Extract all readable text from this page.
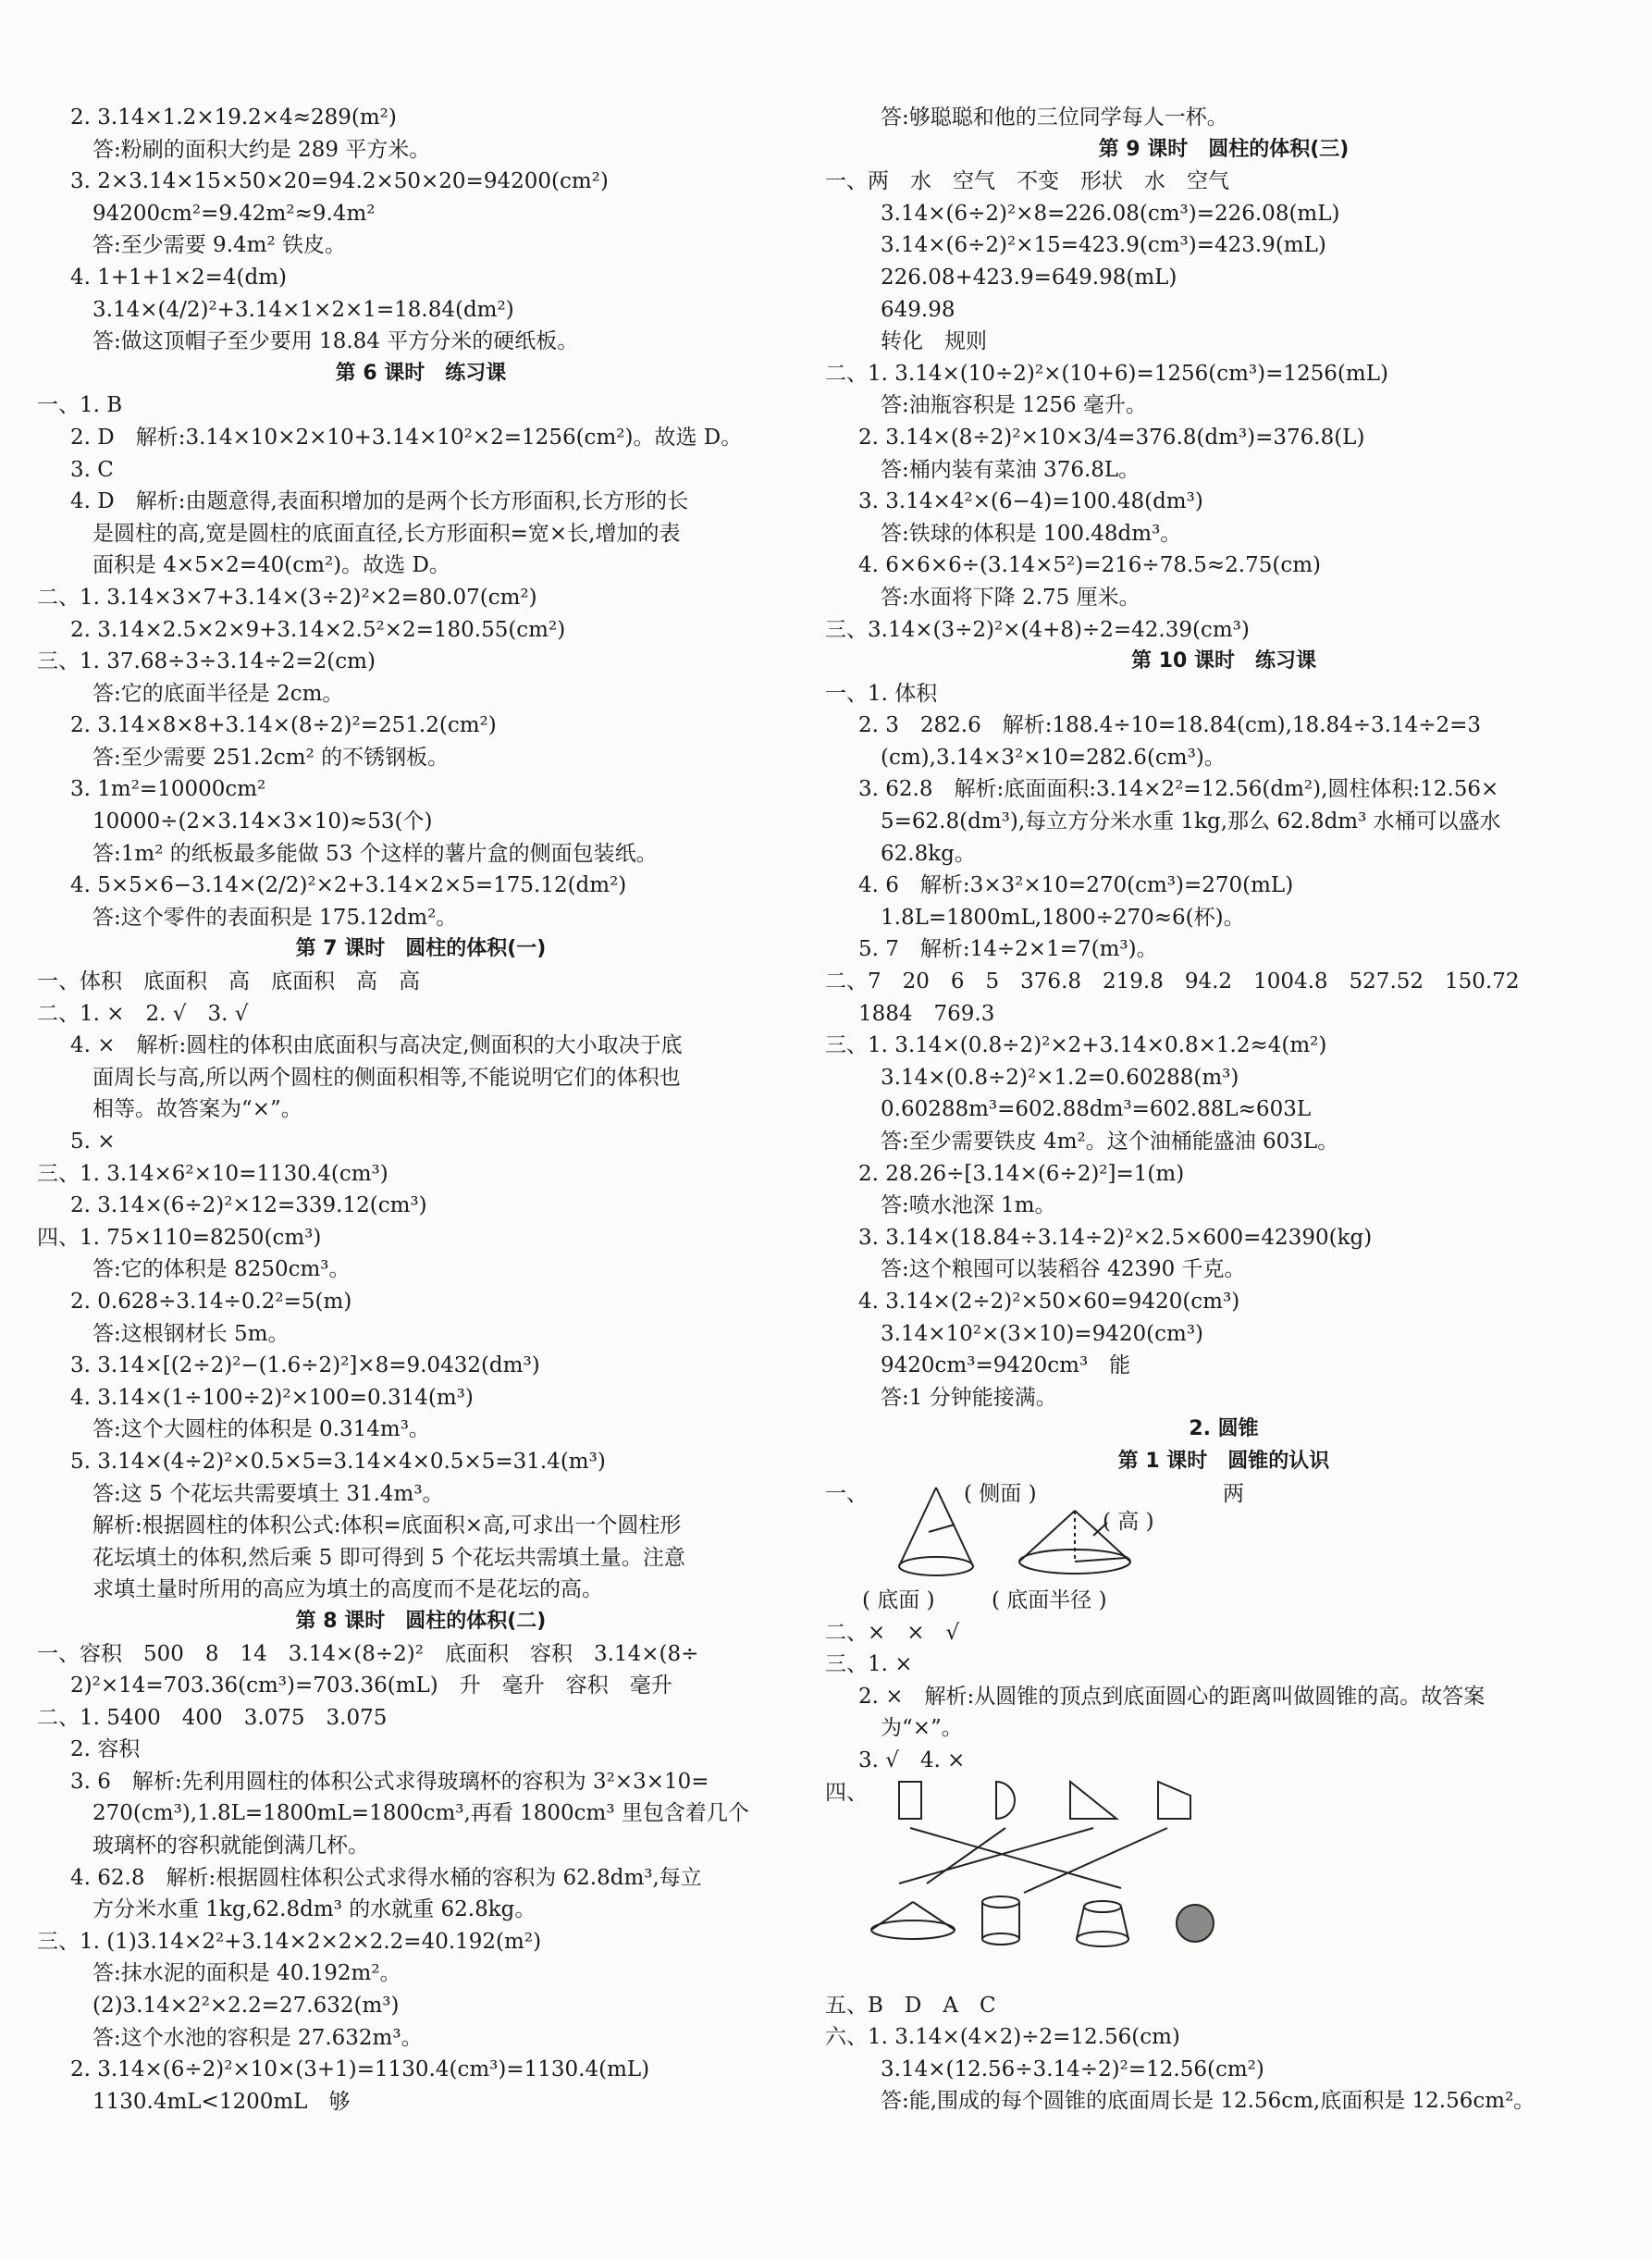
2. 3.14×1.2×19.2×4≈289(m²)
答:粉刷的面积大约是 289 平方米。
3. 2×3.14×15×50×20=94.2×50×20=94200(cm²)
94200cm²=9.42m²≈9.4m²
答:至少需要 9.4m² 铁皮。
4. 1+1+1×2=4(dm)
3.14×(4/2)²+3.14×1×2×1=18.84(dm²)
答:做这顶帽子至少要用 18.84 平方分米的硬纸板。
第 6 课时　练习课
一、1. B
2. D　解析:3.14×10×2×10+3.14×10²×2=1256(cm²)。故选 D。
3. C
4. D　解析:由题意得,表面积增加的是两个长方形面积,长方形的长
是圆柱的高,宽是圆柱的底面直径,长方形面积=宽×长,增加的表
面积是 4×5×2=40(cm²)。故选 D。
二、1. 3.14×3×7+3.14×(3÷2)²×2=80.07(cm²)
2. 3.14×2.5×2×9+3.14×2.5²×2=180.55(cm²)
三、1. 37.68÷3÷3.14÷2=2(cm)
答:它的底面半径是 2cm。
2. 3.14×8×8+3.14×(8÷2)²=251.2(cm²)
答:至少需要 251.2cm² 的不锈钢板。
3. 1m²=10000cm²
10000÷(2×3.14×3×10)≈53(个)
答:1m² 的纸板最多能做 53 个这样的薯片盒的侧面包装纸。
4. 5×5×6−3.14×(2/2)²×2+3.14×2×5=175.12(dm²)
答:这个零件的表面积是 175.12dm²。
第 7 课时　圆柱的体积(一)
一、体积　底面积　高　底面积　高　高
二、1. ×　2. √　3. √
4. ×　解析:圆柱的体积由底面积与高决定,侧面积的大小取决于底
面周长与高,所以两个圆柱的侧面积相等,不能说明它们的体积也
相等。故答案为“×”。
5. ×
三、1. 3.14×6²×10=1130.4(cm³)
2. 3.14×(6÷2)²×12=339.12(cm³)
四、1. 75×110=8250(cm³)
答:它的体积是 8250cm³。
2. 0.628÷3.14÷0.2²=5(m)
答:这根钢材长 5m。
3. 3.14×[(2÷2)²−(1.6÷2)²]×8=9.0432(dm³)
4. 3.14×(1÷100÷2)²×100=0.314(m³)
答:这个大圆柱的体积是 0.314m³。
5. 3.14×(4÷2)²×0.5×5=3.14×4×0.5×5=31.4(m³)
答:这 5 个花坛共需要填土 31.4m³。
解析:根据圆柱的体积公式:体积=底面积×高,可求出一个圆柱形
花坛填土的体积,然后乘 5 即可得到 5 个花坛共需填土量。注意
求填土量时所用的高应为填土的高度而不是花坛的高。
第 8 课时　圆柱的体积(二)
一、容积　500　8　14　3.14×(8÷2)²　底面积　容积　3.14×(8÷
2)²×14=703.36(cm³)=703.36(mL)　升　毫升　容积　毫升
二、1. 5400　400　3.075　3.075
2. 容积
3. 6　解析:先利用圆柱的体积公式求得玻璃杯的容积为 3²×3×10=
270(cm³),1.8L=1800mL=1800cm³,再看 1800cm³ 里包含着几个
玻璃杯的容积就能倒满几杯。
4. 62.8　解析:根据圆柱体积公式求得水桶的容积为 62.8dm³,每立
方分米水重 1kg,62.8dm³ 的水就重 62.8kg。
三、1. (1)3.14×2²+3.14×2×2×2.2=40.192(m²)
答:抹水泥的面积是 40.192m²。
(2)3.14×2²×2.2=27.632(m³)
答:这个水池的容积是 27.632m³。
2. 3.14×(6÷2)²×10×(3+1)=1130.4(cm³)=1130.4(mL)
1130.4mL<1200mL　够
答:够聪聪和他的三位同学每人一杯。
第 9 课时　圆柱的体积(三)
一、两　水　空气　不变　形状　水　空气
3.14×(6÷2)²×8=226.08(cm³)=226.08(mL)
3.14×(6÷2)²×15=423.9(cm³)=423.9(mL)
226.08+423.9=649.98(mL)
649.98
转化　规则
二、1. 3.14×(10÷2)²×(10+6)=1256(cm³)=1256(mL)
答:油瓶容积是 1256 毫升。
2. 3.14×(8÷2)²×10×3/4=376.8(dm³)=376.8(L)
答:桶内装有菜油 376.8L。
3. 3.14×4²×(6−4)=100.48(dm³)
答:铁球的体积是 100.48dm³。
4. 6×6×6÷(3.14×5²)=216÷78.5≈2.75(cm)
答:水面将下降 2.75 厘米。
三、3.14×(3÷2)²×(4+8)÷2=42.39(cm³)
第 10 课时　练习课
一、1. 体积
2. 3　282.6　解析:188.4÷10=18.84(cm),18.84÷3.14÷2=3
(cm),3.14×3²×10=282.6(cm³)。
3. 62.8　解析:底面面积:3.14×2²=12.56(dm²),圆柱体积:12.56×
5=62.8(dm³),每立方分米水重 1kg,那么 62.8dm³ 水桶可以盛水
62.8kg。
4. 6　解析:3×3²×10=270(cm³)=270(mL)
1.8L=1800mL,1800÷270≈6(杯)。
5. 7　解析:14÷2×1=7(m³)。
二、7　20　6　5　376.8　219.8　94.2　1004.8　527.52　150.72
1884　769.3
三、1. 3.14×(0.8÷2)²×2+3.14×0.8×1.2≈4(m²)
3.14×(0.8÷2)²×1.2=0.60288(m³)
0.60288m³=602.88dm³=602.88L≈603L
答:至少需要铁皮 4m²。这个油桶能盛油 603L。
2. 28.26÷[3.14×(6÷2)²]=1(m)
答:喷水池深 1m。
3. 3.14×(18.84÷3.14÷2)²×2.5×600=42390(kg)
答:这个粮囤可以装稻谷 42390 千克。
4. 3.14×(2÷2)²×50×60=9420(cm³)
3.14×10²×(3×10)=9420(cm³)
9420cm³=9420cm³　能
答:1 分钟能接满。
2. 圆锥
第 1 课时　圆锥的认识
一、	( 侧面 )
( 高 )
两
( 底面 )	( 底面半径 )
二、×　×　√
三、1. ×
2. ×　解析:从圆锥的顶点到底面圆心的距离叫做圆锥的高。故答案
为“×”。
3. √　4. ×
四、
五、B　D　A　C
六、1. 3.14×(4×2)÷2=12.56(cm)
3.14×(12.56÷3.14÷2)²=12.56(cm²)
答:能,围成的每个圆锥的底面周长是 12.56cm,底面积是 12.56cm²。
